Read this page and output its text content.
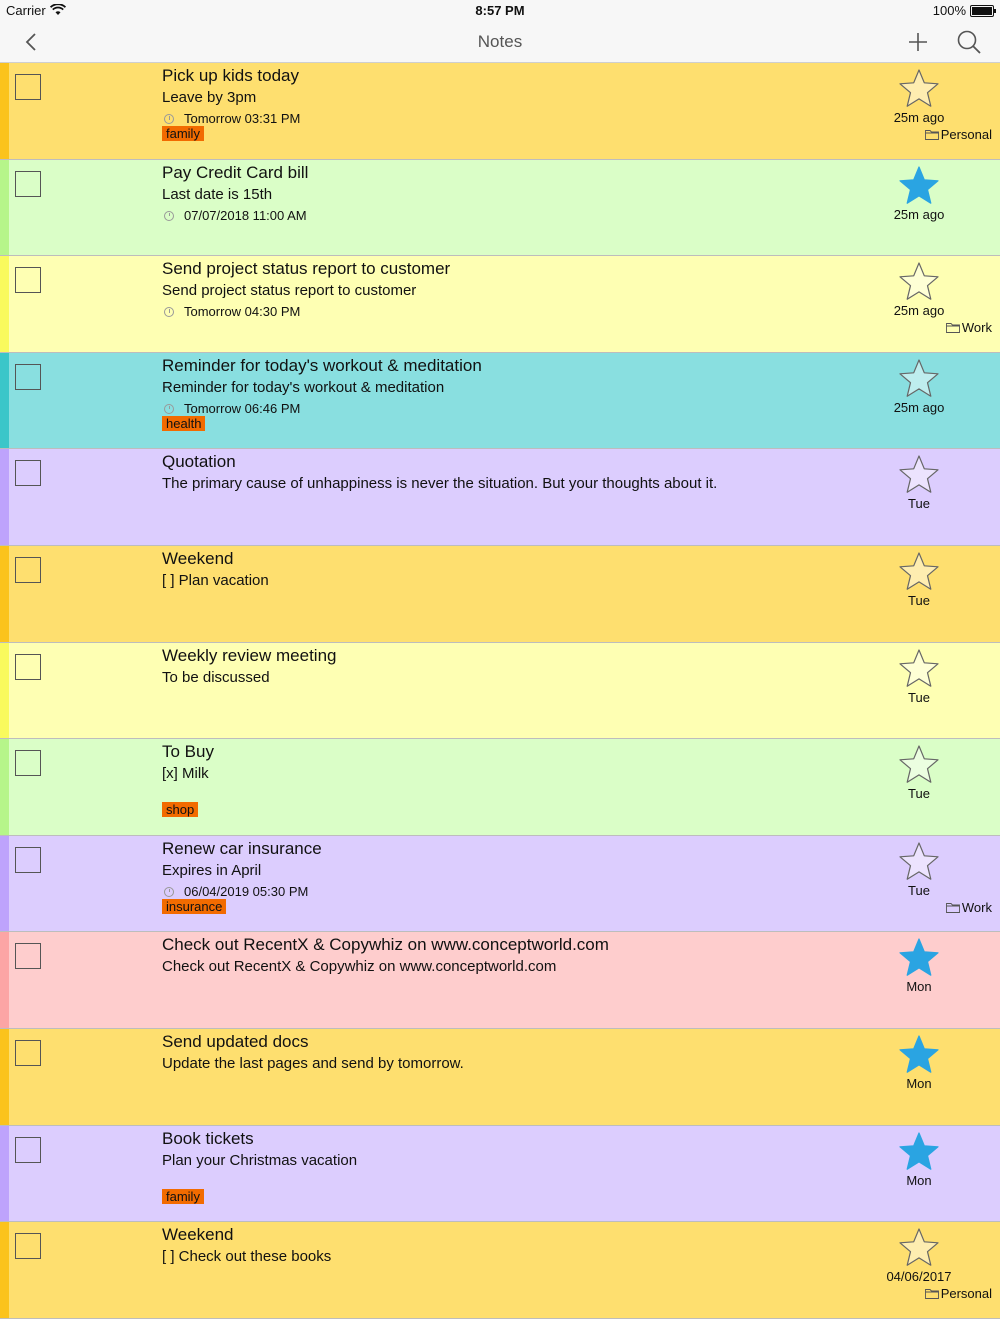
Carrier	8:57 PM	100%
Notes
Pick up kids today
Leave by 3pm
Tomorrow 03:31 PM
family
25m ago
Personal
Pay Credit Card bill
Last date is 15th
07/07/2018 11:00 AM	25m ago
Send project status report to customer
Send project status report to customer
Tomorrow 04:30 PM	25m ago
Work
Reminder for today's workout & meditation
Reminder for today's workout & meditation
Tomorrow 06:46 PM
health
25m ago
Quotation
The primary cause of unhappiness is never the situation. But your thoughts about it.
Tue
Weekend
[ ] Plan vacation
Tue
Weekly review meeting
To be discussed
Tue
To Buy
[x] Milk
shop
Tue
Renew car insurance
Expires in April
06/04/2019 05:30 PM
insurance
Tue
Work
Check out RecentX & Copywhiz on www.conceptworld.com
Check out RecentX & Copywhiz on www.conceptworld.com
Mon
Send updated docs
Update the last pages and send by tomorrow.
Mon
Book tickets
Plan your Christmas vacation
family
Mon
Weekend
[ ] Check out these books
04/06/2017
Personal
